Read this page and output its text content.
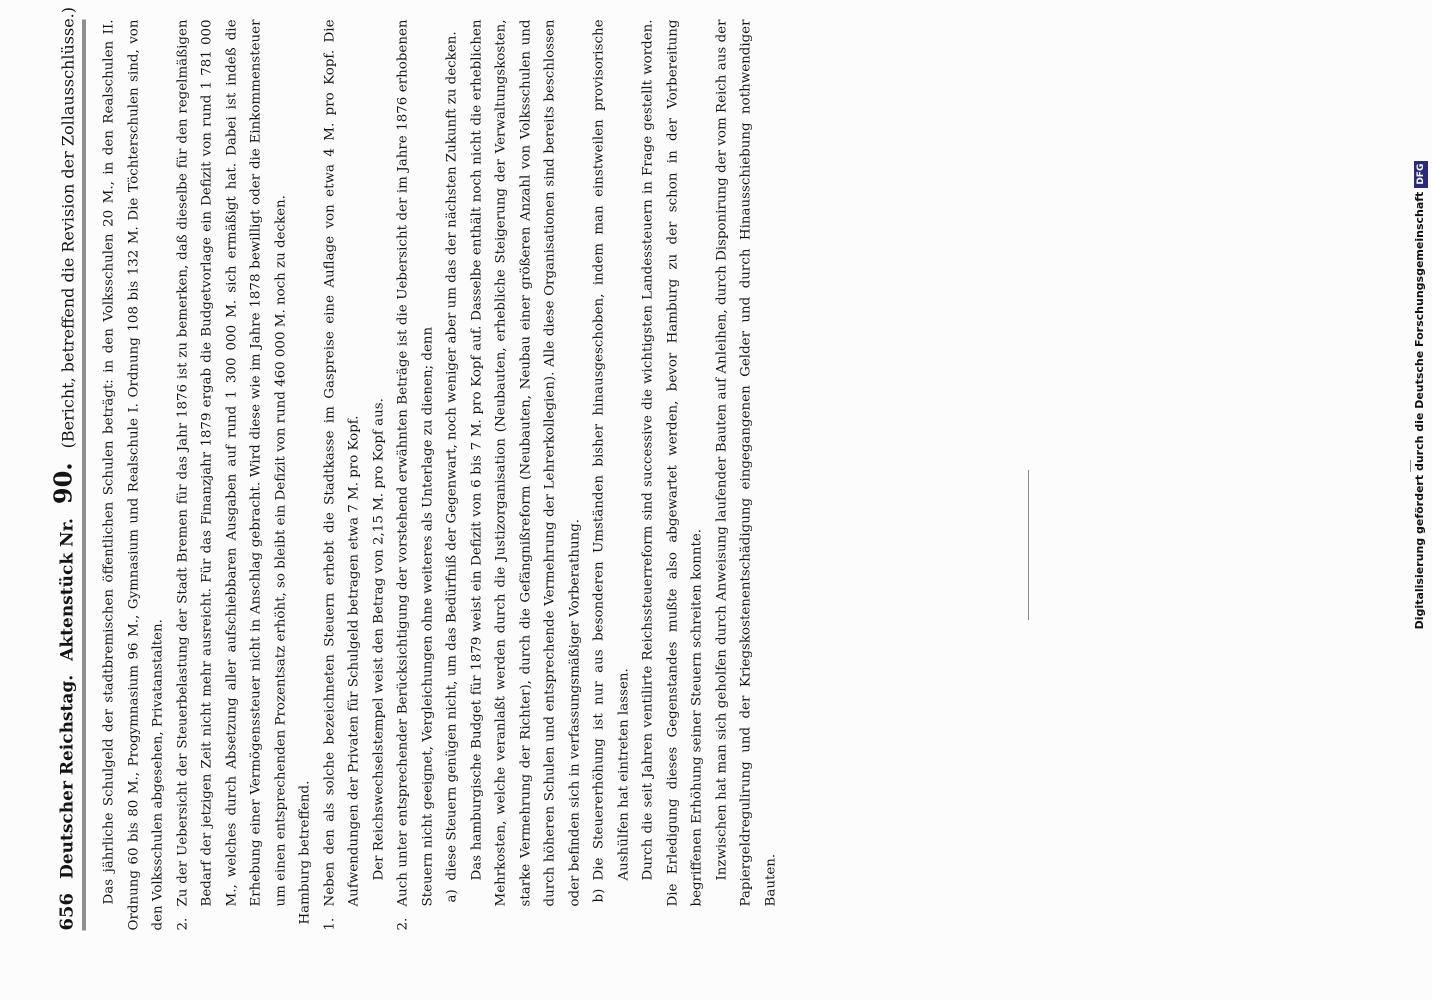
656
Deutscher Reichstag.
Aktenstück Nr.
90.
(Bericht, betreffend die Revision der Zollausschlüsse.) Das jährliche Schulgeld der stadtbremischen öffentlichen Schulen beträgt: in den Volksschulen 20 M., in den Realschulen II. Ordnung 60 bis 80 M., Progymnasium 96 M., Gymnasium und Realschule I. Ordnung 108 bis 132 M. Die Töchterschulen sind, von den Volksschulen abgesehen, Privatanstalten. 2.
Zu der Uebersicht der Steuerbelastung der Stadt Bremen für das Jahr 1876 ist zu bemerken, daß dieselbe für den regelmäßigen Bedarf der jetzigen Zeit nicht mehr ausreicht. Für das Finanzjahr 1879 ergab die Budgetvorlage ein Defizit von rund 1 781 000 M., welches durch Absetzung aller aufschiebbaren Ausgaben auf rund 1 300 000 M. sich ermäßigt hat. Dabei ist indeß die Erhebung einer Vermögenssteuer nicht in Anschlag gebracht. Wird diese wie im Jahre 1878 bewilligt oder die Einkommensteuer um einen entsprechenden Prozentsatz erhöht, so bleibt ein Defizit von rund 460 000 M. noch zu decken. Hamburg betreffend. 1.
Neben den als solche bezeichneten Steuern erhebt die Stadtkasse im Gaspreise eine Auflage von etwa 4 M. pro Kopf. Die Aufwendungen der Privaten für Schulgeld betragen etwa 7 M. pro Kopf. Der Reichswechselstempel weist den Betrag von 2,15 M. pro Kopf aus.
2.
Auch unter entsprechender Berücksichtigung der vorstehend erwähnten Beträge ist die Uebersicht der im Jahre 1876 erhobenen Steuern nicht geeignet, Vergleichungen ohne weiteres als Unterlage zu dienen; denn a)
diese Steuern genügen nicht, um das Bedürfniß der Gegenwart, noch weniger aber um das der nächsten Zukunft zu decken. Das hamburgische Budget für 1879 weist ein Defizit von 6 bis 7 M. pro Kopf auf. Dasselbe enthält noch nicht die erheblichen Mehrkosten, welche veranlaßt werden durch die Justizorganisation (Neubauten, erhebliche Steigerung der Verwaltungskosten, starke Vermehrung der Richter), durch die Gefängnißreform (Neubauten, Neubau einer größeren Anzahl von Volksschulen und durch höheren Schulen und entsprechende Vermehrung der Lehrerkollegien). Alle diese Organisationen sind bereits beschlossen oder befinden sich in verfassungsmäßiger Vorberathung. b)
Die Steuererhöhung ist nur aus besonderen Umständen bisher hinausgeschoben, indem man einstweilen provisorische Aushülfen hat eintreten lassen. Durch die seit Jahren ventilirte Reichssteuerreform sind successive die wichtigsten Landessteuern in Frage gestellt worden. Die Erledigung dieses Gegenstandes mußte also abgewartet werden, bevor Hamburg zu der schon in der Vorbereitung begriffenen Erhöhung seiner Steuern schreiten konnte. Inzwischen hat man sich geholfen durch Anweisung laufender Bauten auf Anleihen, durch Disponirung der vom Reich aus der Papiergeldregulirung und der Kriegskostenentschädigung eingegangenen Gelder und durch Hinausschiebung nothwendiger Bauten.
Digitalisierung gefördert durch die Deutsche ForschungsgemeinschaftDFG
